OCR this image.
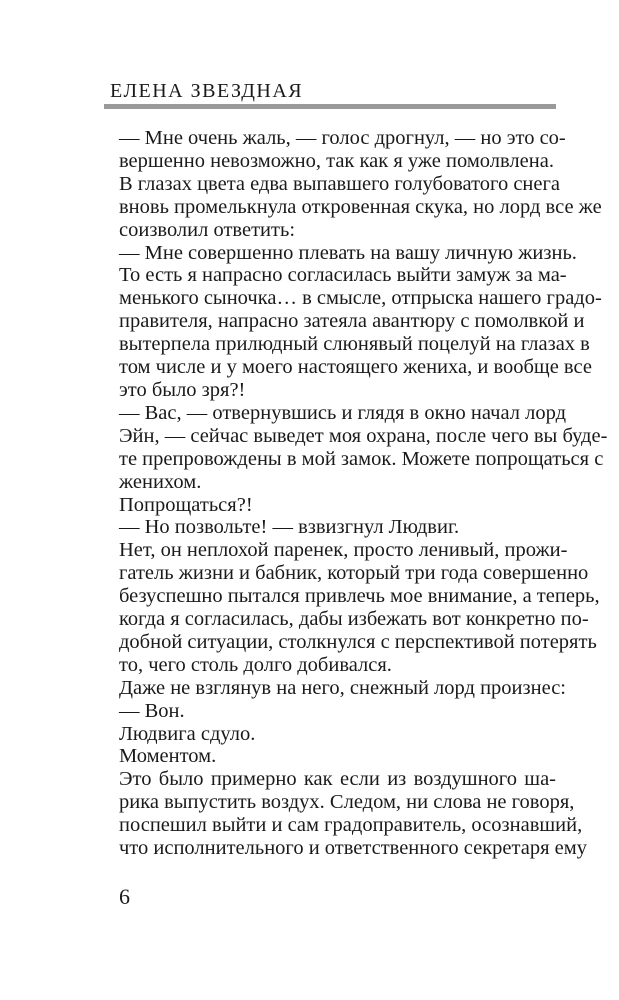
ЕЛЕНА ЗВЕЗДНАЯ
— Мне очень жаль, — голос дрогнул, — но это со-
вершенно невозможно, так как я уже помолвлена.
В глазах цвета едва выпавшего голубоватого снега
вновь промелькнула откровенная скука, но лорд все же
соизволил ответить:
— Мне совершенно плевать на вашу личную жизнь.
То есть я напрасно согласилась выйти замуж за ма-
менького сыночка… в смысле, отпрыска нашего градо-
правителя, напрасно затеяла авантюру с помолвкой и
вытерпела прилюдный слюнявый поцелуй на глазах в
том числе и у моего настоящего жениха, и вообще все
это было зря?!
— Вас, — отвернувшись и глядя в окно начал лорд
Эйн, — сейчас выведет моя охрана, после чего вы буде-
те препровождены в мой замок. Можете попрощаться с
женихом.
Попрощаться?!
— Но позвольте! — взвизгнул Людвиг.
Нет, он неплохой паренек, просто ленивый, прожи-
гатель жизни и бабник, который три года совершенно
безуспешно пытался привлечь мое внимание, а теперь,
когда я согласилась, дабы избежать вот конкретно по-
добной ситуации, столкнулся с перспективой потерять
то, чего столь долго добивался.
Даже не взглянув на него, снежный лорд произнес:
— Вон.
Людвига сдуло.
Моментом.
Это было примерно как если из воздушного ша-
рика выпустить воздух. Следом, ни слова не говоря,
поспешил выйти и сам градоправитель, осознавший,
что исполнительного и ответственного секретаря ему
6
